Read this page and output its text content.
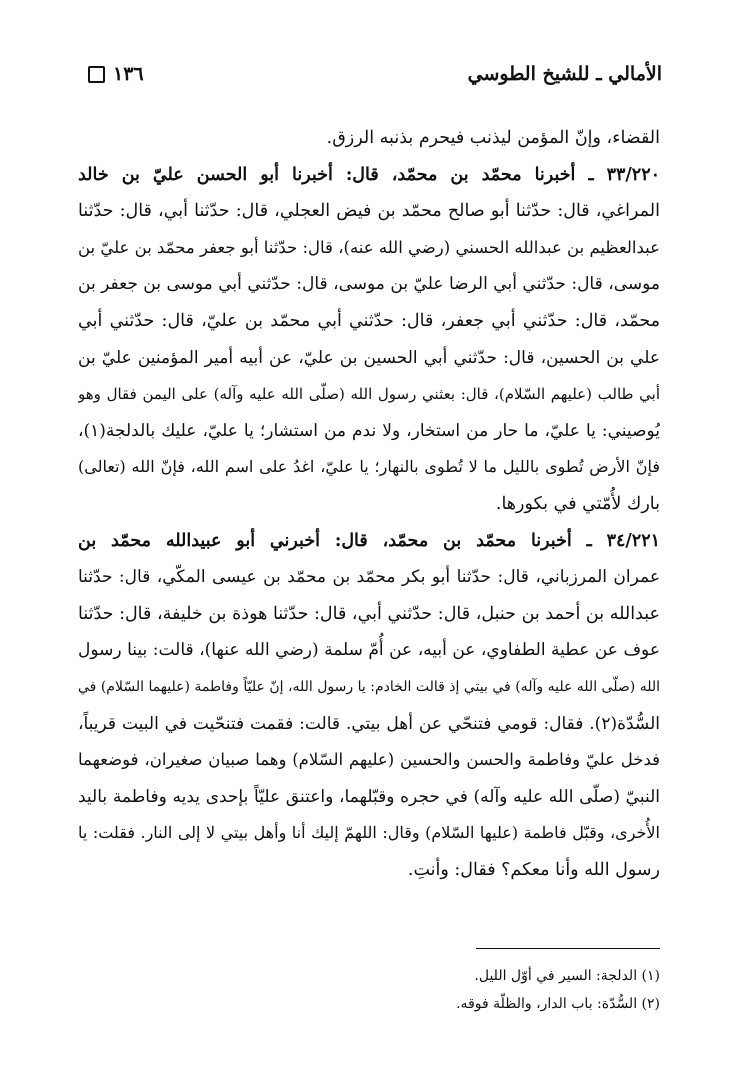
١٣٦	الأمالي ـ للشيخ الطوسي
القضاء، وإنّ المؤمن ليذنب فيحرم بذنبه الرزق.
٣٣/٢٢٠ ـ أخبرنا محمّد بن محمّد، قال: أخبرنا أبو الحسن عليّ بن خالد
المراغي، قال: حدّثنا أبو صالح محمّد بن فيض العجلي، قال: حدّثنا أبي، قال: حدّثنا
عبدالعظيم بن عبدالله الحسني (رضي الله عنه)، قال: حدّثنا أبو جعفر محمّد بن عليّ بن
موسى، قال: حدّثني أبي الرضا عليّ بن موسى، قال: حدّثني أبي موسى بن جعفر بن
محمّد، قال: حدّثني أبي جعفر، قال: حدّثني أبي محمّد بن عليّ، قال: حدّثني أبي
علي بن الحسين، قال: حدّثني أبي الحسين بن عليّ، عن أبيه أمير المؤمنين عليّ بن
أبي طالب (عليهم السّلام)، قال: بعثني رسول الله (صلّى الله عليه وآله) على اليمن فقال وهو
يُوصيني: يا عليّ، ما حار من استخار، ولا ندم من استشار؛ يا عليّ، عليك بالدلجة(١)،
فإنّ الأرض تُطوى بالليل ما لا تُطوى بالنهار؛ يا عليّ، اغدُ على اسم الله، فإنّ الله (تعالى)
بارك لأُمّتي في بكورها.
٣٤/٢٢١ ـ أخبرنا محمّد بن محمّد، قال: أخبرني أبو عبيدالله محمّد بن
عمران المرزباني، قال: حدّثنا أبو بكر محمّد بن محمّد بن عيسى المكّي، قال: حدّثنا
عبدالله بن أحمد بن حنبل، قال: حدّثني أبي، قال: حدّثنا هوذة بن خليفة، قال: حدّثنا
عوف عن عطية الطفاوي، عن أبيه، عن أُمّ سلمة (رضي الله عنها)، قالت: بينا رسول
الله (صلّى الله عليه وآله) في بيتي إذ قالت الخادم: يا رسول الله، إنّ عليّاً وفاطمة (عليهما السّلام) في
السُّدّة(٢). فقال: قومي فتنحّي عن أهل بيتي. قالت: فقمت فتنحّيت في البيت قريباً،
فدخل عليّ وفاطمة والحسن والحسين (عليهم السّلام) وهما صبيان صغيران، فوضعهما
النبيّ (صلّى الله عليه وآله) في حجره وقبّلهما، واعتنق عليّاً بإحدى يديه وفاطمة باليد
الأُخرى، وقبّل فاطمة (عليها السّلام) وقال: اللهمّ إليك أنا وأهل بيتي لا إلى النار. فقلت: يا
رسول الله وأنا معكم؟ فقال: وأنتِ.
(١) الدلجة: السير في أوّل الليل.
(٢) السُّدّة: باب الدار، والظلّة فوقه.
